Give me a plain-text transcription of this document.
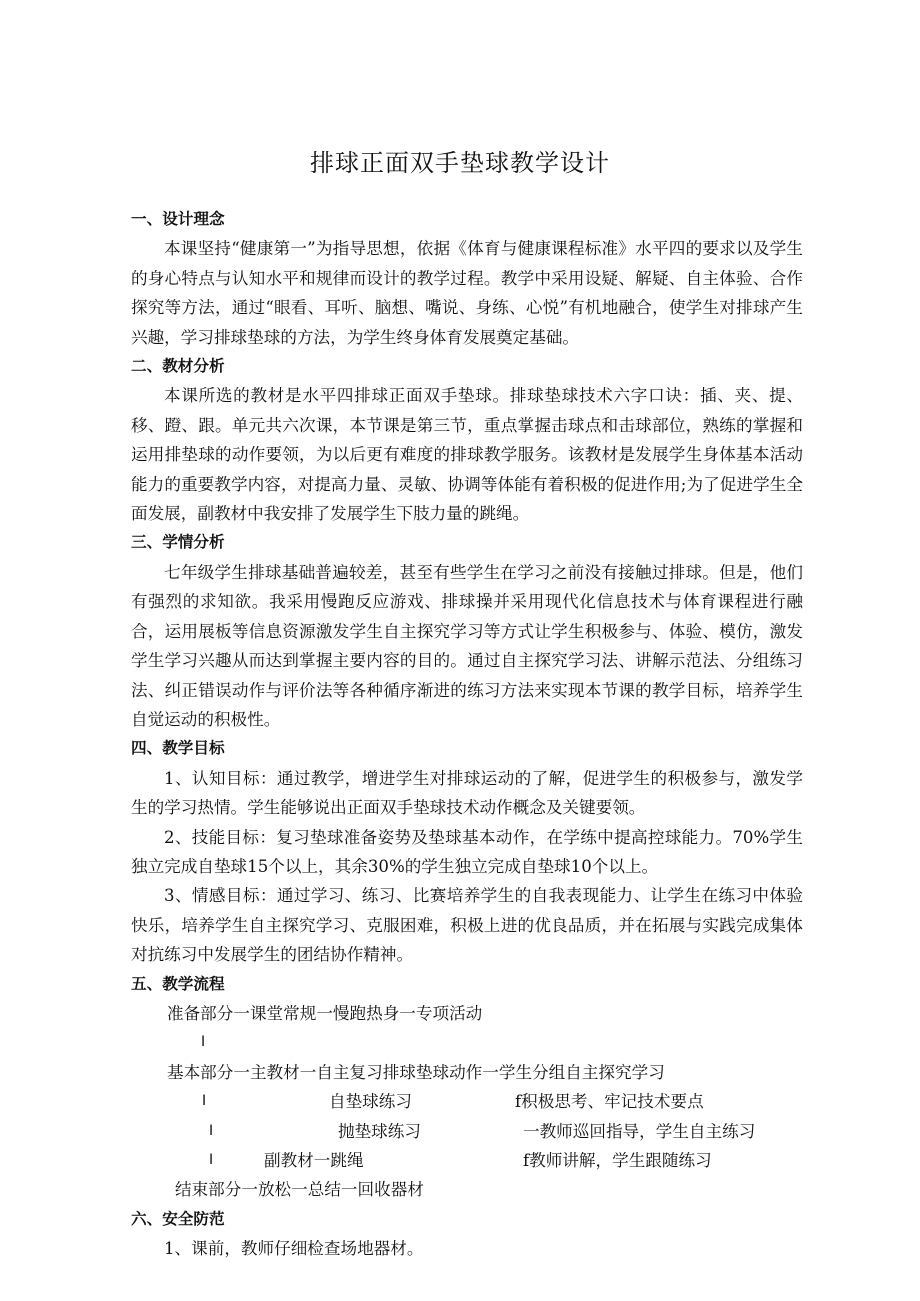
排球正面双手垫球教学设计
一、设计理念
本课坚持“健康第一”为指导思想，依据《体育与健康课程标准》水平四的要求以及学生的身心特点与认知水平和规律而设计的教学过程。教学中采用设疑、解疑、自主体验、合作探究等方法，通过“眼看、耳听、脑想、嘴说、身练、心悦”有机地融合，使学生对排球产生兴趣，学习排球垫球的方法，为学生终身体育发展奠定基础。
二、教材分析
本课所选的教材是水平四排球正面双手垫球。排球垫球技术六字口诀：插、夹、提、移、蹬、跟。单元共六次课，本节课是第三节，重点掌握击球点和击球部位，熟练的掌握和运用排垫球的动作要领，为以后更有难度的排球教学服务。该教材是发展学生身体基本活动能力的重要教学内容，对提高力量、灵敏、协调等体能有着积极的促进作用;为了促进学生全面发展，副教材中我安排了发展学生下肢力量的跳绳。
三、学情分析
七年级学生排球基础普遍较差，甚至有些学生在学习之前没有接触过排球。但是，他们有强烈的求知欲。我采用慢跑反应游戏、排球操并采用现代化信息技术与体育课程进行融合，运用展板等信息资源激发学生自主探究学习等方式让学生积极参与、体验、模仿，激发学生学习兴趣从而达到掌握主要内容的目的。通过自主探究学习法、讲解示范法、分组练习法、纠正错误动作与评价法等各种循序渐进的练习方法来实现本节课的教学目标，培养学生自觉运动的积极性。
四、教学目标
1、认知目标：通过教学，增进学生对排球运动的了解，促进学生的积极参与，激发学生的学习热情。学生能够说出正面双手垫球技术动作概念及关键要领。
2、技能目标：复习垫球准备姿势及垫球基本动作，在学练中提高控球能力。70%学生独立完成自垫球15个以上，其余30%的学生独立完成自垫球10个以上。
3、情感目标：通过学习、练习、比赛培养学生的自我表现能力、让学生在练习中体验快乐，培养学生自主探究学习、克服困难，积极上进的优良品质，并在拓展与实践完成集体对抗练习中发展学生的团结协作精神。
五、教学流程
准备部分一课堂常规一慢跑热身一专项活动
I
基本部分一主教材一自主复习排球垫球动作一学生分组自主探究学习
I	自垫球练习	f积极思考、牢记技术要点
I	抛垫球练习	一教师巡回指导，学生自主练习
I	副教材一跳绳	f教师讲解，学生跟随练习
结束部分一放松一总结一回收器材
六、安全防范
1、课前，教师仔细检查场地器材。
